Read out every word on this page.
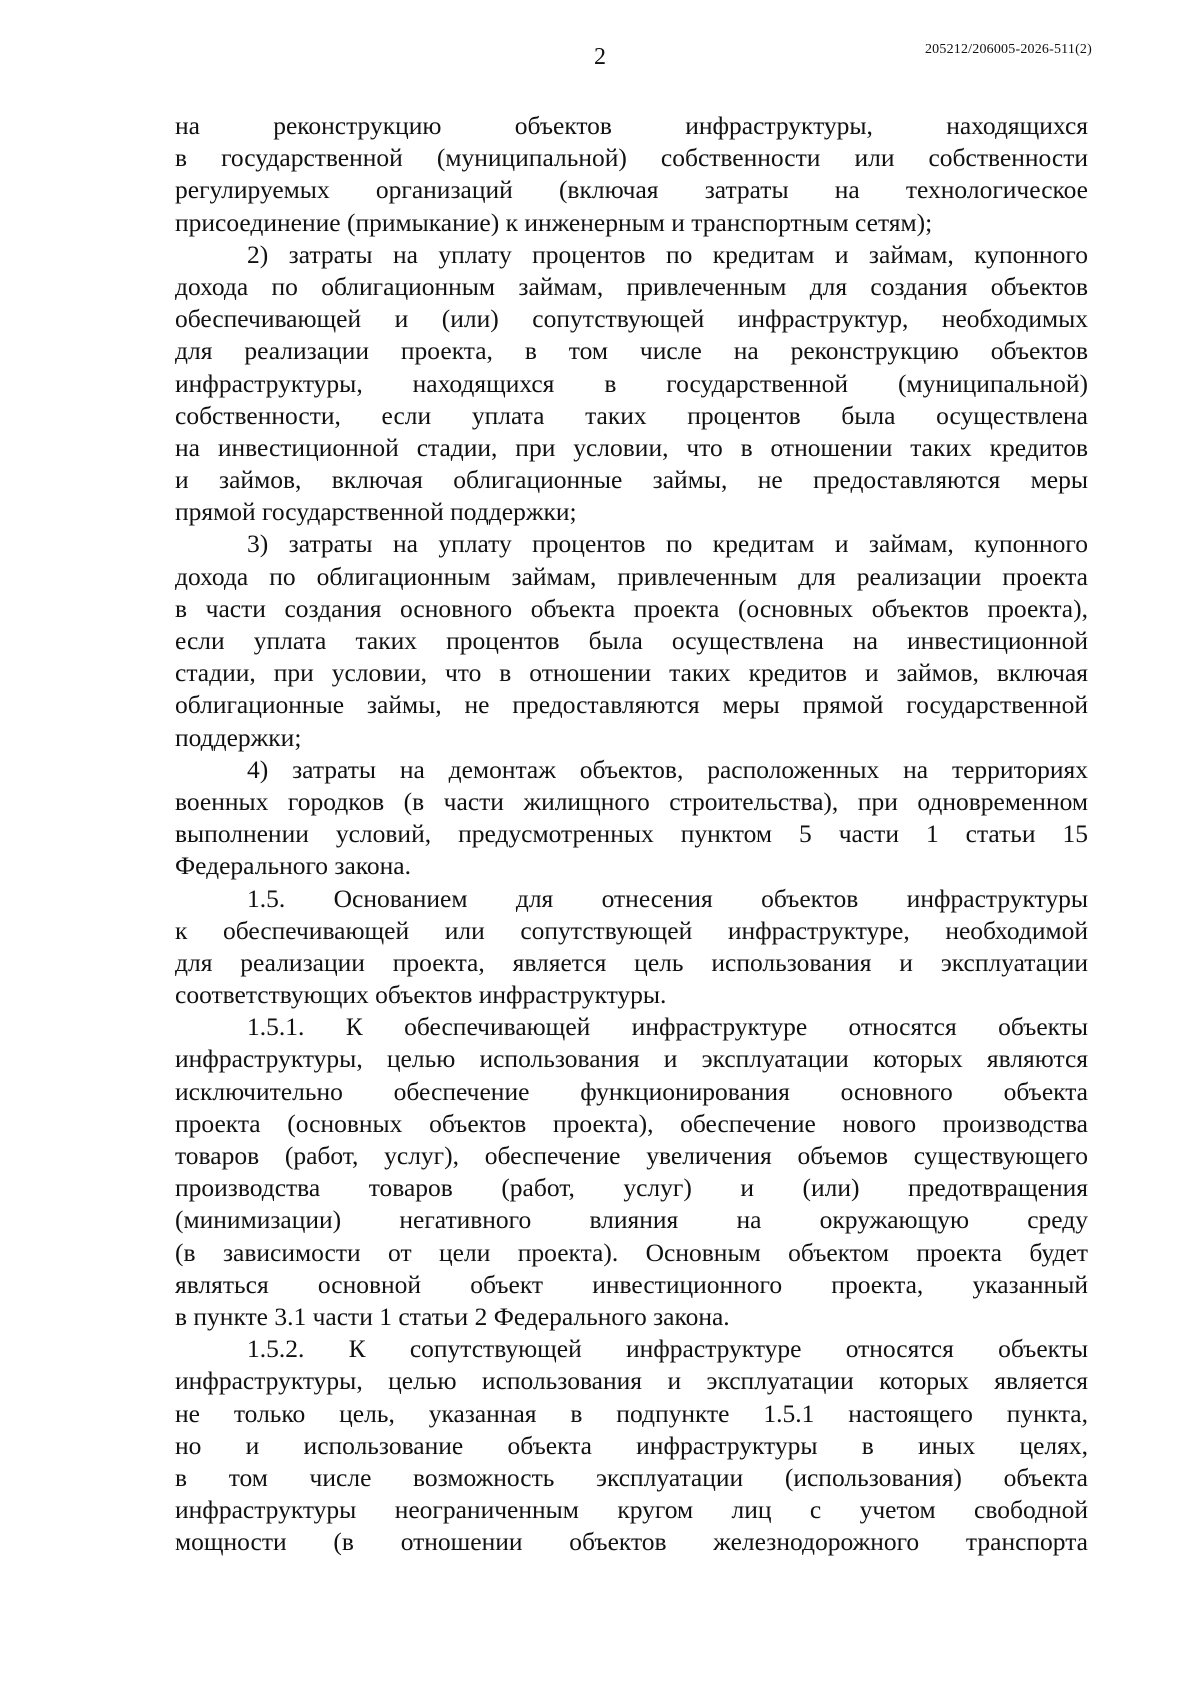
2	205212/206005-2026-511(2)
на реконструкцию объектов инфраструктуры, находящихся
в государственной (муниципальной) собственности или собственности
регулируемых организаций (включая затраты на технологическое
присоединение (примыкание) к инженерным и транспортным сетям);
2) затраты на уплату процентов по кредитам и займам, купонного
дохода по облигационным займам, привлеченным для создания объектов
обеспечивающей и (или) сопутствующей инфраструктур, необходимых
для реализации проекта, в том числе на реконструкцию объектов
инфраструктуры, находящихся в государственной (муниципальной)
собственности, если уплата таких процентов была осуществлена
на инвестиционной стадии, при условии, что в отношении таких кредитов
и займов, включая облигационные займы, не предоставляются меры
прямой государственной поддержки;
3) затраты на уплату процентов по кредитам и займам, купонного
дохода по облигационным займам, привлеченным для реализации проекта
в части создания основного объекта проекта (основных объектов проекта),
если уплата таких процентов была осуществлена на инвестиционной
стадии, при условии, что в отношении таких кредитов и займов, включая
облигационные займы, не предоставляются меры прямой государственной
поддержки;
4) затраты на демонтаж объектов, расположенных на территориях
военных городков (в части жилищного строительства), при одновременном
выполнении условий, предусмотренных пунктом 5 части 1 статьи 15
Федерального закона.
1.5. Основанием для отнесения объектов инфраструктуры
к обеспечивающей или сопутствующей инфраструктуре, необходимой
для реализации проекта, является цель использования и эксплуатации
соответствующих объектов инфраструктуры.
1.5.1. К обеспечивающей инфраструктуре относятся объекты
инфраструктуры, целью использования и эксплуатации которых являются
исключительно обеспечение функционирования основного объекта
проекта (основных объектов проекта), обеспечение нового производства
товаров (работ, услуг), обеспечение увеличения объемов существующего
производства товаров (работ, услуг) и (или) предотвращения
(минимизации) негативного влияния на окружающую среду
(в зависимости от цели проекта). Основным объектом проекта будет
являться основной объект инвестиционного проекта, указанный
в пункте 3.1 части 1 статьи 2 Федерального закона.
1.5.2. К сопутствующей инфраструктуре относятся объекты
инфраструктуры, целью использования и эксплуатации которых является
не только цель, указанная в подпункте 1.5.1 настоящего пункта,
но и использование объекта инфраструктуры в иных целях,
в том числе возможность эксплуатации (использования) объекта
инфраструктуры неограниченным кругом лиц с учетом свободной
мощности (в отношении объектов железнодорожного транспорта
